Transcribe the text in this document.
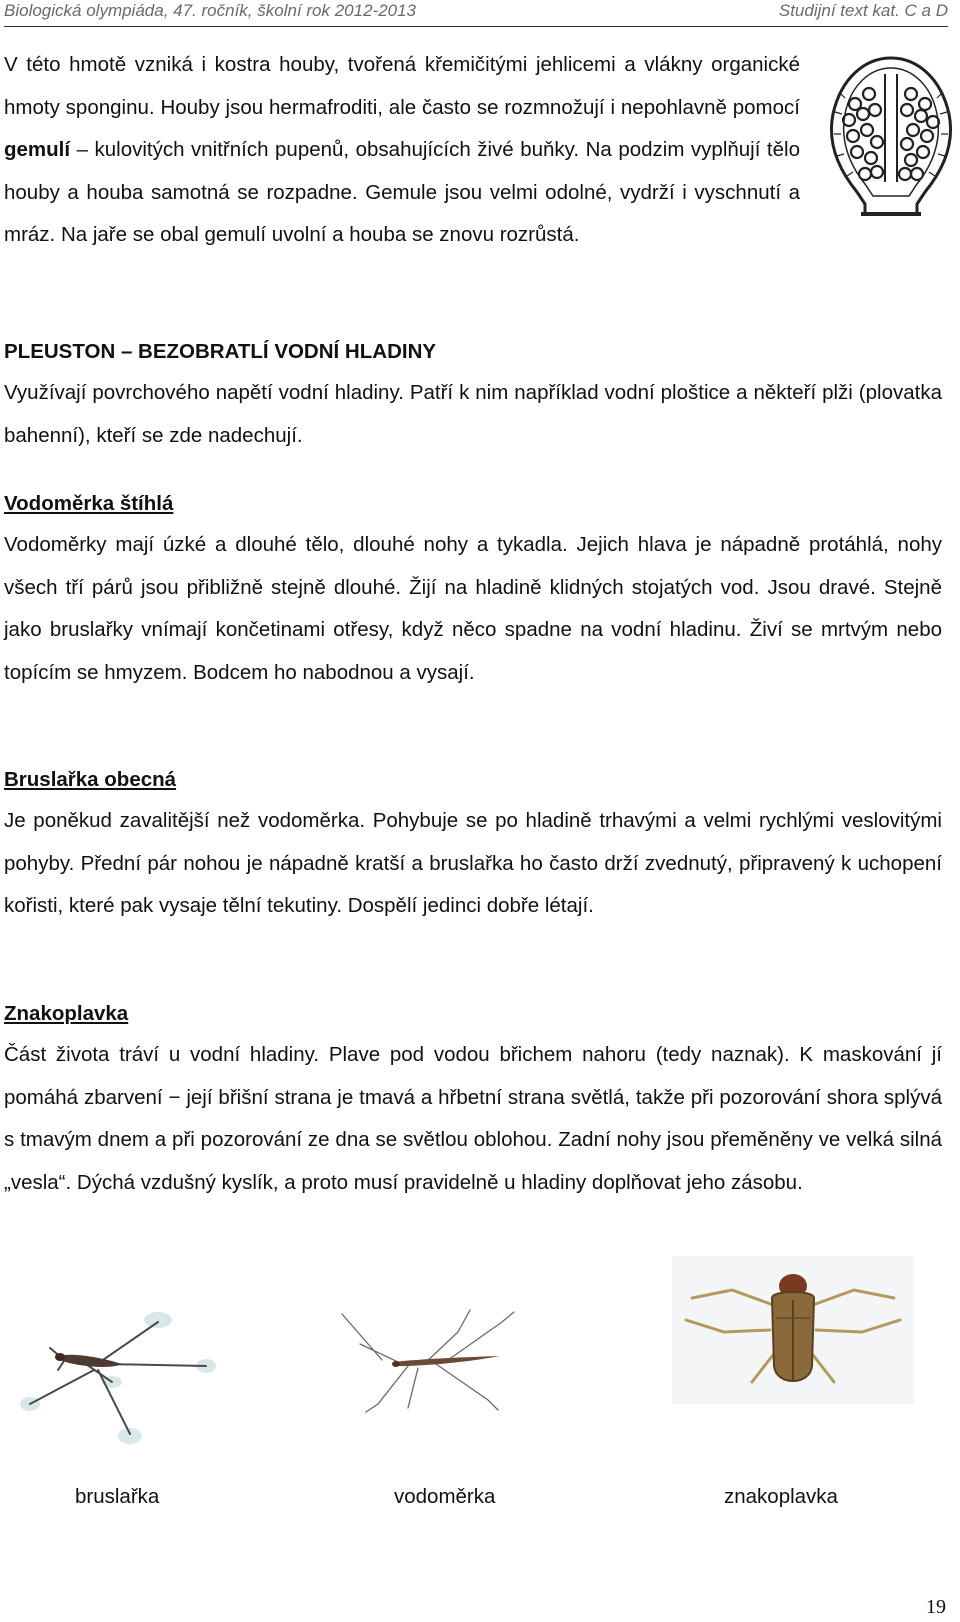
Biologická olympiáda, 47. ročník, školní rok 2012-2013	Studijní text kat. C a D

V této hmotě vzniká i kostra houby, tvořená křemičitými jehlicemi a vlákny organické hmoty sponginu. Houby jsou hermafroditi, ale často se rozmnožují i nepohlavně pomocí gemulí – kulovitých vnitřních pupenů, obsahujících živé buňky. Na podzim vyplňují tělo houby a houba samotná se rozpadne. Gemule jsou velmi odolné, vydrží i vyschnutí a mráz. Na jaře se obal gemulí uvolní a houba se znovu rozrůstá.

PLEUSTON – BEZOBRATLÍ VODNÍ HLADINY

Využívají povrchového napětí vodní hladiny. Patří k nim například vodní ploštice a někteří plži (plovatka bahenní), kteří se zde nadechují.

Vodoměrka štíhlá

Vodoměrky mají úzké a dlouhé tělo, dlouhé nohy a tykadla. Jejich hlava je nápadně protáhlá, nohy všech tří párů jsou přibližně stejně dlouhé. Žijí na hladině klidných stojatých vod. Jsou dravé. Stejně jako bruslařky vnímají končetinami otřesy, když něco spadne na vodní hladinu. Živí se mrtvým nebo topícím se hmyzem. Bodcem ho nabodnou a vysají.

Bruslařka obecná

Je poněkud zavalitější než vodoměrka. Pohybuje se po hladině trhavými a velmi rychlými veslovitými pohyby. Přední pár nohou je nápadně kratší a bruslařka ho často drží zvednutý, připravený k uchopení kořisti, které pak vysaje tělní tekutiny. Dospělí jedinci dobře létají.

Znakoplavka

Část života tráví u vodní hladiny. Plave pod vodou břichem nahoru (tedy naznak). K maskování jí pomáhá zbarvení − její břišní strana je tmavá a hřbetní strana světlá, takže při pozorování shora splývá s tmavým dnem a při pozorování ze dna se světlou oblohou. Zadní nohy jsou přeměněny ve velká silná „vesla“. Dýchá vzdušný kyslík, a proto musí pravidelně u hladiny doplňovat jeho zásobu.

bruslařka	vodoměrka	znakoplavka
19
